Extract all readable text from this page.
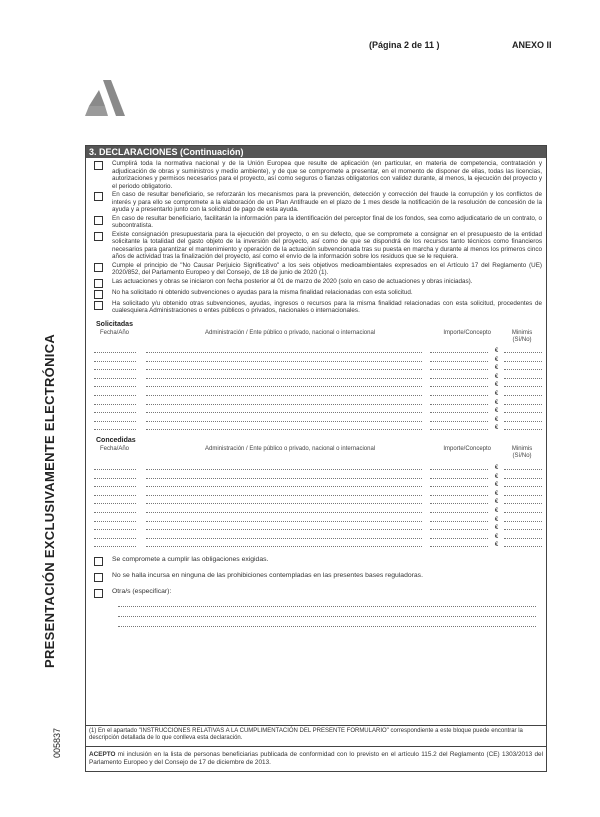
(Página 2 de 11 )	ANEXO II
PRESENTACIÓN EXCLUSIVAMENTE ELECTRÓNICA
005837
3. DECLARACIONES (Continuación)
Cumplirá toda la normativa nacional y de la Unión Europea que resulte de aplicación (en particular, en materia de competencia, contratación y adjudicación de obras y suministros y medio ambiente), y de que se compromete a presentar, en el momento de disponer de ellas, todas las licencias, autorizaciones y permisos necesarios para el proyecto, así como seguros o fianzas obligatorios con validez durante, al menos, la ejecución del proyecto y el periodo obligatorio.
En caso de resultar beneficiario, se reforzarán los mecanismos para la prevención, detección y corrección del fraude la corrupción y los conflictos de interés y para ello se compromete a la elaboración de un Plan Antifraude en el plazo de 1 mes desde la notificación de la resolución de concesión de la ayuda y a presentarlo junto con la solicitud de pago de esta ayuda.
En caso de resultar beneficiario, facilitarán la información para la identificación del perceptor final de los fondos, sea como adjudicatario de un contrato, o subcontratista.
Existe consignación presupuestaria para la ejecución del proyecto, o en su defecto, que se compromete a consignar en el presupuesto de la entidad solicitante la totalidad del gasto objeto de la inversión del proyecto, así como de que se dispondrá de los recursos tanto técnicos como financieros necesarios para garantizar el mantenimiento y operación de la actuación subvencionada tras su puesta en marcha y durante al menos los primeros cinco años de actividad tras la finalización del proyecto, así como el envío de la información sobre los residuos que se le requiera.
Cumple el principio de "No Causar Perjuicio Significativo" a los seis objetivos medioambientales expresados en el Artículo 17 del Reglamento (UE) 2020/852, del Parlamento Europeo y del Consejo, de 18 de junio de 2020 (1).
Las actuaciones y obras se iniciaron con fecha posterior al 01 de marzo de 2020 (solo en caso de actuaciones y obras iniciadas).
No ha solicitado ni obtenido subvenciones o ayudas para la misma finalidad relacionadas con esta solicitud.
Ha solicitado y/u obtenido otras subvenciones, ayudas, ingresos o recursos para la misma finalidad relacionadas con esta solicitud, procedentes de cualesquiera Administraciones o entes públicos o privados, nacionales o internacionales.
Solicitadas
Fecha/Año	Administración / Ente público o privado, nacional o internacional	Importe/Concepto	Minimis (Sí/No)
€
€
€
€
€
€
€
€
€
€
Concedidas
Fecha/Año	Administración / Ente público o privado, nacional o internacional	Importe/Concepto	Minimis (Sí/No)
€
€
€
€
€
€
€
€
€
€
Se compromete a cumplir las obligaciones exigidas.
No se halla incursa en ninguna de las prohibiciones contempladas en las presentes bases reguladoras.
Otra/s (especificar):
(1) En el apartado "INSTRUCCIONES RELATIVAS A LA CUMPLIMENTACIÓN DEL PRESENTE FORMULARIO" correspondiente a este bloque puede encontrar la descripción detallada de lo que conlleva esta declaración.
ACEPTO mi inclusión en la lista de personas beneficiarias publicada de conformidad con lo previsto en el artículo 115.2 del Reglamento (CE) 1303/2013 del Parlamento Europeo y del Consejo de 17 de diciembre de 2013.
